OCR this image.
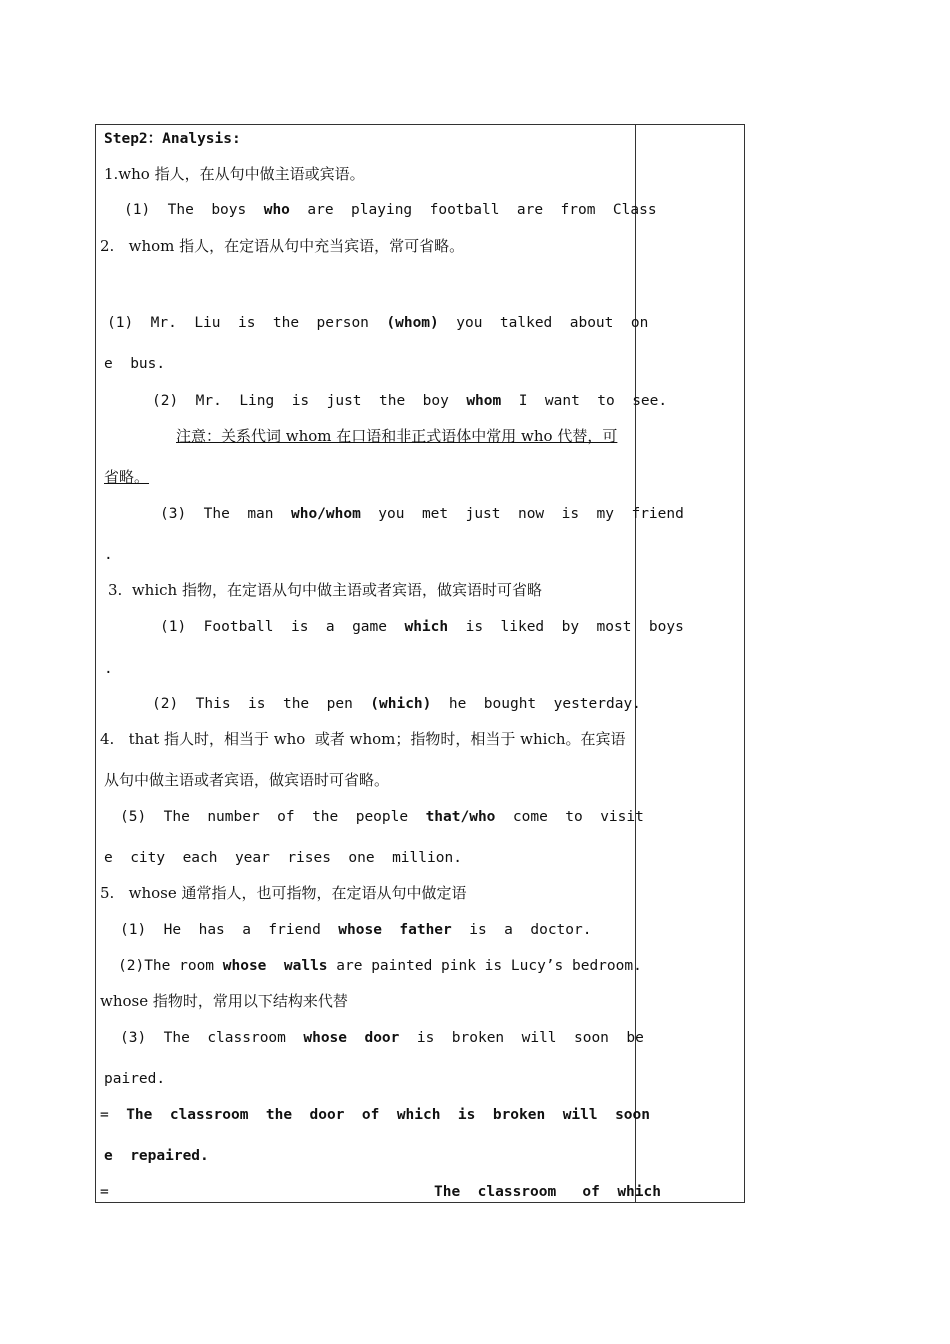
Step2：Analysis:
1.who 指人，在从句中做主语或宾语。
(1) The  boys who are  playing  football  are  from  Class
2.   whom 指人，在定语从句中充当宾语，常可省略。
(1) Mr.  Liu  is  the  person (whom) you  talked  about  on
e  bus.
(2) Mr.  Ling  is  just  the  boy whom I  want  to  see.
注意：关系代词 whom 在口语和非正式语体中常用 who 代替，可
省略。
(3) The  man who/whom you  met  just  now  is  my  friend
.
3.  which 指物，在定语从句中做主语或者宾语，做宾语时可省略
(1) Football  is  a  game which is  liked  by  most  boys
.
(2) This  is  the  pen (which) he  bought  yesterday.
4.   that 指人时，相当于 who  或者 whom；指物时，相当于 which。在宾语
从句中做主语或者宾语，做宾语时可省略。
(5) The  number  of  the  people that/who come  to  visit
e  city  each  year  rises  one  million.
5.   whose 通常指人，也可指物，在定语从句中做定语
(1) He  has  a  friend whose  father is  a  doctor.
(2)The room whose walls are painted pink is Lucy’s bedroom.
whose 指物时，常用以下结构来代替
(3) The  classroom whose  door is  broken  will  soon  be
paired.
= The  classroom  the  door  of  which  is  broken  will  soon
e  repaired.
=	The  classroom   of  which
